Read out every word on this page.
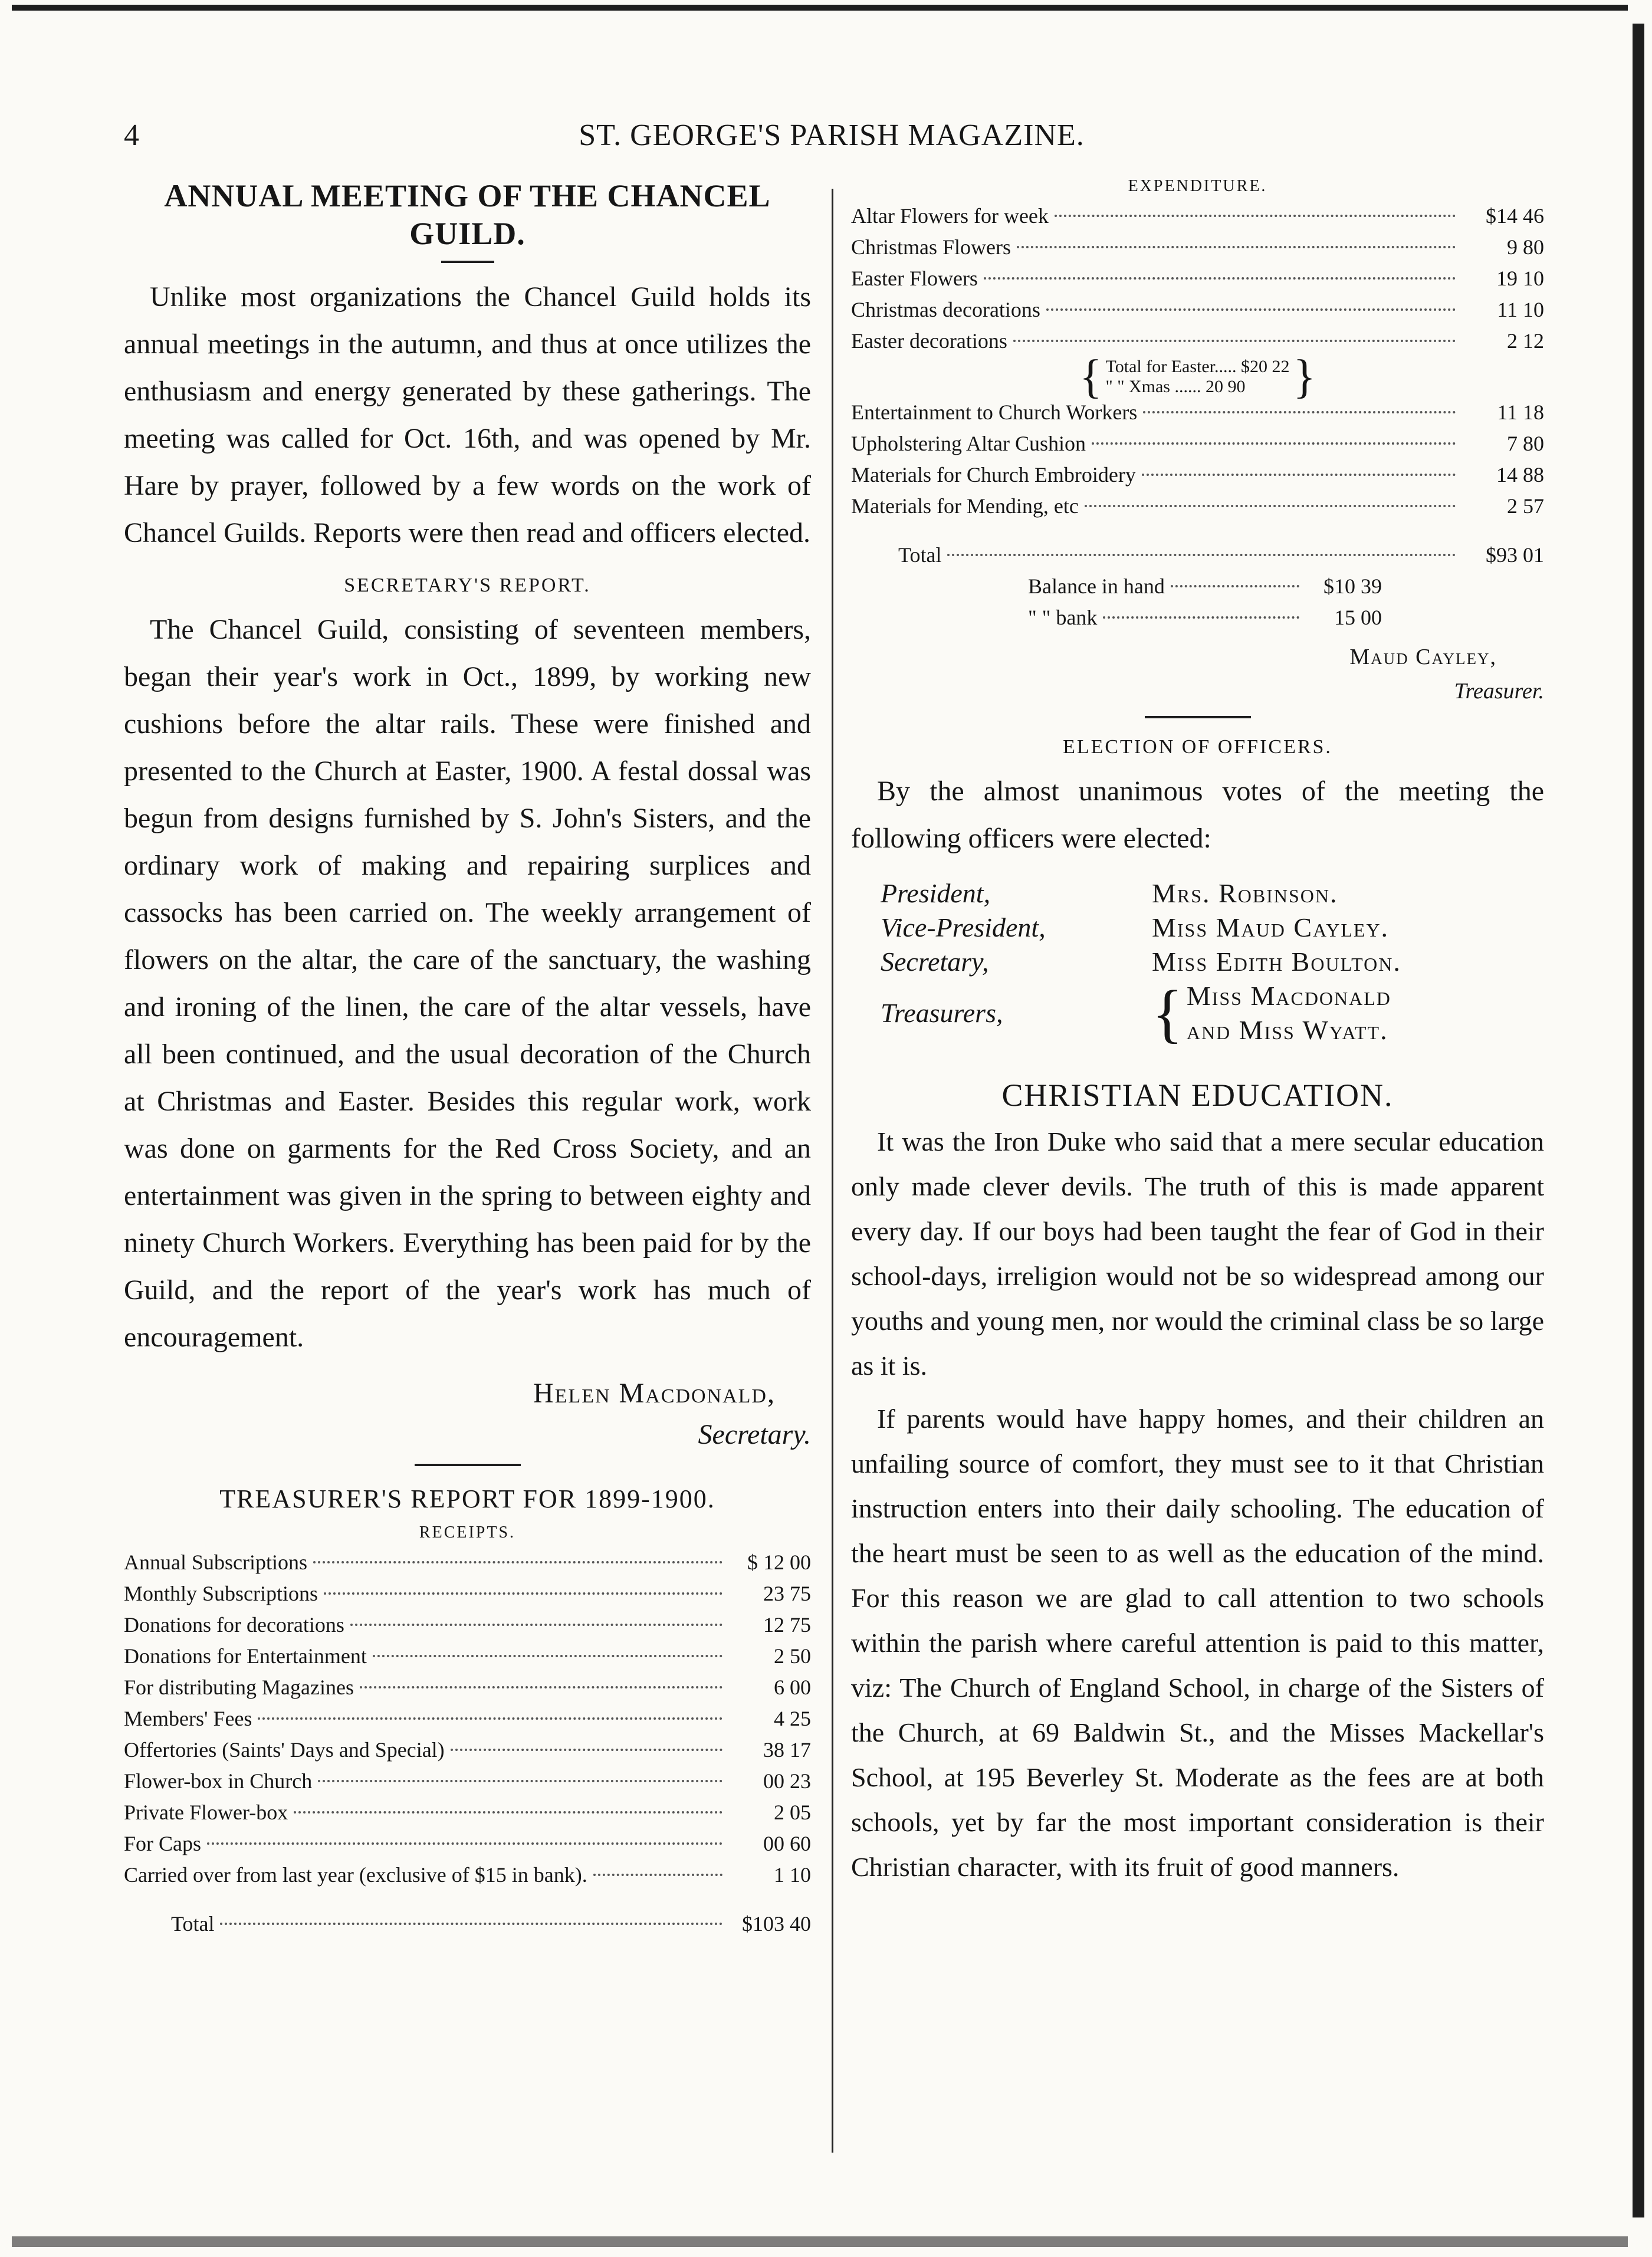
4	ST. GEORGE'S PARISH MAGAZINE.
ANNUAL MEETING OF THE CHANCEL GUILD.

Unlike most organizations the Chancel Guild holds its annual meetings in the autumn, and thus at once utilizes the enthusiasm and energy generated by these gatherings. The meeting was called for Oct. 16th, and was opened by Mr. Hare by prayer, followed by a few words on the work of Chancel Guilds. Reports were then read and officers elected.

SECRETARY'S REPORT.

The Chancel Guild, consisting of seventeen members, began their year's work in Oct., 1899, by working new cushions before the altar rails. These were finished and presented to the Church at Easter, 1900. A festal dossal was begun from designs furnished by S. John's Sisters, and the ordinary work of making and repairing surplices and cassocks has been carried on. The weekly arrangement of flowers on the altar, the care of the sanctuary, the washing and ironing of the linen, the care of the altar vessels, have all been continued, and the usual decoration of the Church at Christmas and Easter. Besides this regular work, work was done on garments for the Red Cross Society, and an entertainment was given in the spring to between eighty and ninety Church Workers. Everything has been paid for by the Guild, and the report of the year's work has much of encouragement.

Helen Macdonald,
Secretary.
TREASURER'S REPORT FOR 1899-1900.
RECEIPTS.
Annual Subscriptions	$ 12 00
Monthly Subscriptions	23 75
Donations for decorations	12 75
Donations for Entertainment	2 50
For distributing Magazines	6 00
Members' Fees	4 25
Offertories (Saints' Days and Special)	38 17
Flower-box in Church	00 23
Private Flower-box	2 05
For Caps	00 60
Carried over from last year (exclusive of $15 in bank).	1 10
Total	$103 40
EXPENDITURE.
Altar Flowers for week	$14 46
Christmas Flowers	9 80
Easter Flowers	19 10
Christmas decorations	11 10
Easter decorations	2 12
{ Total for Easter..... $20 22
" " Xmas ...... 20 90	}
Entertainment to Church Workers	11 18
Upholstering Altar Cushion	7 80
Materials for Church Embroidery	14 88
Materials for Mending, etc	2 57
Total	$93 01
Balance in hand	$10 39
" " bank	15 00
Maud Cayley,
Treasurer.
ELECTION OF OFFICERS.

By the almost unanimous votes of the meeting the following officers were elected:

President,	Mrs. Robinson.
Vice-President,	Miss Maud Cayley.
Secretary,	Miss Edith Boulton.
Treasurers,	{ Miss Macdonald
and Miss Wyatt.
CHRISTIAN EDUCATION.

It was the Iron Duke who said that a mere secular education only made clever devils. The truth of this is made apparent every day. If our boys had been taught the fear of God in their school-days, irreligion would not be so widespread among our youths and young men, nor would the criminal class be so large as it is.

If parents would have happy homes, and their children an unfailing source of comfort, they must see to it that Christian instruction enters into their daily schooling. The education of the heart must be seen to as well as the education of the mind. For this reason we are glad to call attention to two schools within the parish where careful attention is paid to this matter, viz: The Church of England School, in charge of the Sisters of the Church, at 69 Baldwin St., and the Misses Mackellar's School, at 195 Beverley St. Moderate as the fees are at both schools, yet by far the most important consideration is their Christian character, with its fruit of good manners.
